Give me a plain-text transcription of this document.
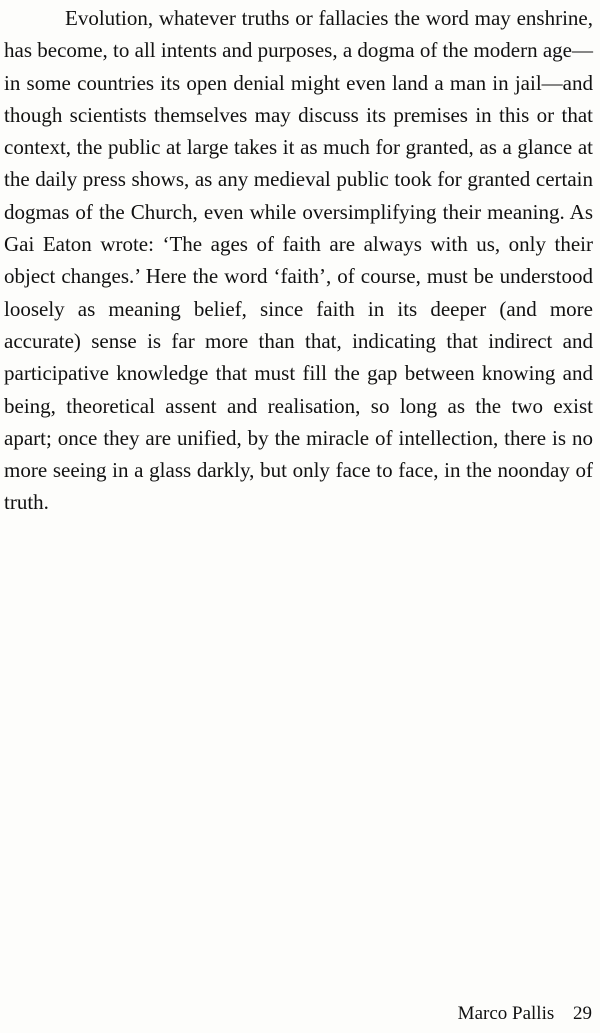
Evolution, whatever truths or fallacies the word may enshrine, has become, to all intents and purposes, a dogma of the modern age—in some countries its open denial might even land a man in jail—and though scientists themselves may discuss its premises in this or that context, the public at large takes it as much for granted, as a glance at the daily press shows, as any medieval public took for granted certain dogmas of the Church, even while oversimplifying their meaning. As Gai Eaton wrote: ‘The ages of faith are always with us, only their object changes.’ Here the word ‘faith’, of course, must be understood loosely as meaning belief, since faith in its deeper (and more accurate) sense is far more than that, indicating that indirect and participative knowledge that must fill the gap between knowing and being, theoretical assent and realisation, so long as the two exist apart; once they are unified, by the miracle of intellection, there is no more seeing in a glass darkly, but only face to face, in the noonday of truth.

Marco Pallis 29
